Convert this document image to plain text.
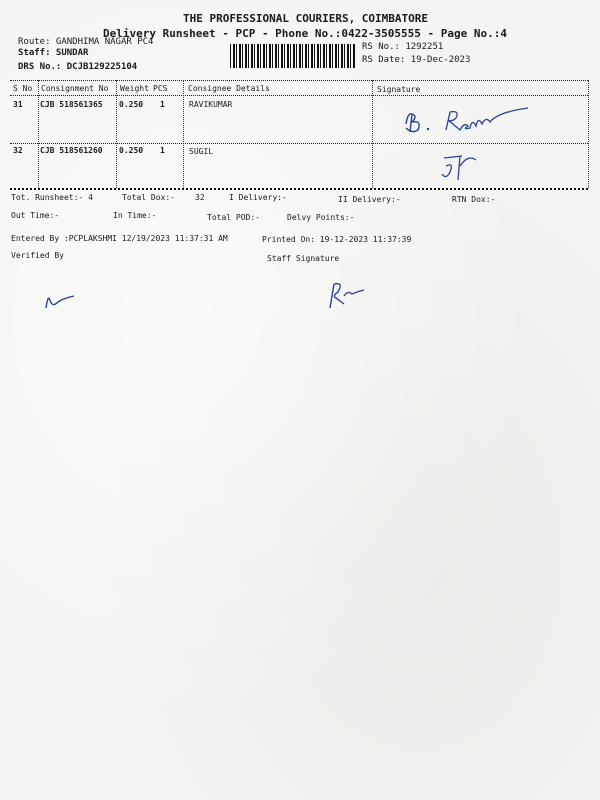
THE PROFESSIONAL COURIERS, COIMBATORE
Delivery Runsheet - PCP - Phone No.:0422-3505555 - Page No.:4
Route: GANDHIMA NAGAR PC4
Staff: SUNDAR
DRS No.: DCJB129225104
RS No.: 1292251
RS Date: 19-Dec-2023
S No Consignment No Weight PCS	Consignee Details	Signature
31 CJB 518561365 0.250 1	RAVIKUMAR
32 CJB 518561260 0.250 1	SUGIL
Tot. Runsheet:- 4	Total Dox:-	32	I Delivery:-	II Delivery:-	RTN Dox:-
Out Time:-	In Time:-	Total POD:-	Delvy Points:-
Entered By :PCPLAKSHMI 12/19/2023 11:37:31 AM	Printed On: 19-12-2023 11:37:39
Verified By	Staff Signature
